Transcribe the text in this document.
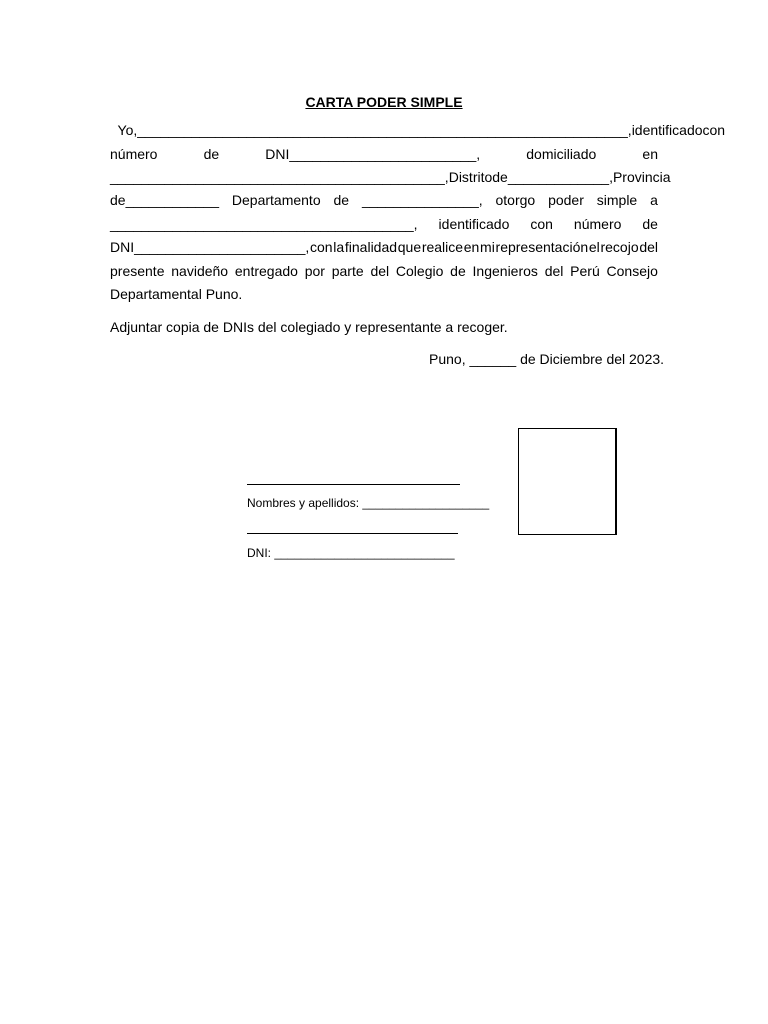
CARTA PODER SIMPLE
Yo, _______________________________________________________________, identificado con
número	de	DNI________________________,	domiciliado	en
___________________________________________, Distrito de _____________, Provincia
de____________ Departamento de _______________, otorgo poder simple a
_______________________________________, identificado con número de
DNI______________________, con la finalidad que realice en mi representación el recojo del
presente navideño entregado por parte del Colegio de Ingenieros del Perú Consejo
Departamental Puno.
Adjuntar copia de DNIs del colegiado y representante a recoger.
Puno, ______ de Diciembre del 2023.
Nombres y apellidos: ___________________
DNI: ___________________________
